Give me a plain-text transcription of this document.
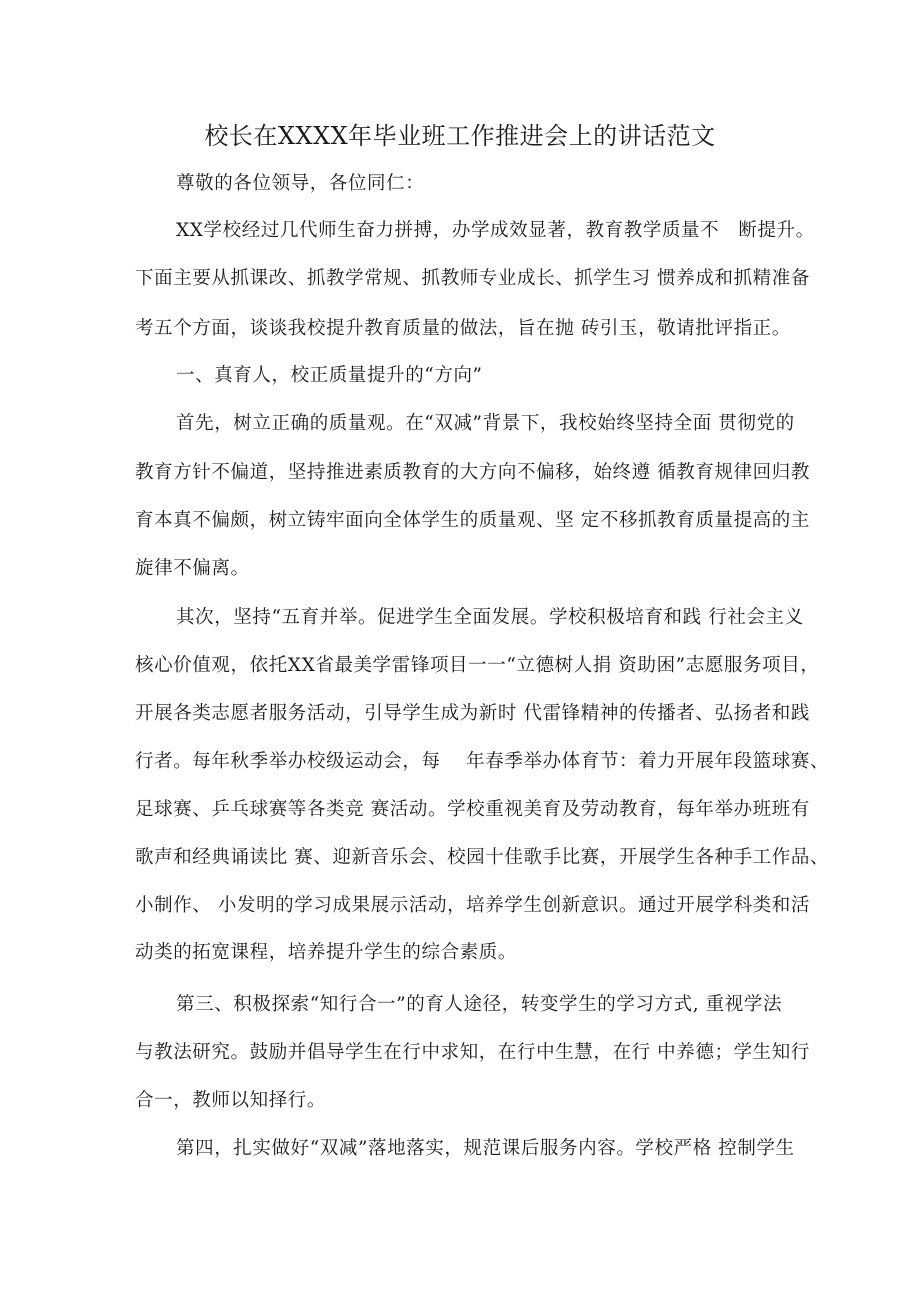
校长在XXXX年毕业班工作推进会上的讲话范文
尊敬的各位领导，各位同仁：
XX学校经过几代师生奋力拼搏，办学成效显著，教育教学质量不　断提升。
下面主要从抓课改、抓教学常规、抓教师专业成长、抓学生习 惯养成和抓精准备
考五个方面，谈谈我校提升教育质量的做法，旨在抛 砖引玉，敬请批评指正。
一、真育人，校正质量提升的“方向”
首先，树立正确的质量观。在“双减”背景下，我校始终坚持全面 贯彻党的
教育方针不偏道，坚持推进素质教育的大方向不偏移，始终遵 循教育规律回归教
育本真不偏颇，树立铸牢面向全体学生的质量观、坚 定不移抓教育质量提高的主
旋律不偏离。
其次，坚持“五育并举。促进学生全面发展。学校积极培育和践 行社会主义
核心价值观，依托XX省最美学雷锋项目一一“立德树人捐 资助困”志愿服务项目，
开展各类志愿者服务活动，引导学生成为新时 代雷锋精神的传播者、弘扬者和践
行者。每年秋季举办校级运动会，每　 年春季举办体育节：着力开展年段篮球赛、
足球赛、乒乓球赛等各类竞 赛活动。学校重视美育及劳动教育，每年举办班班有
歌声和经典诵读比 赛、迎新音乐会、校园十佳歌手比赛，开展学生各种手工作品、
小制作、 小发明的学习成果展示活动，培养学生创新意识。通过开展学科类和活
动类的拓宽课程，培养提升学生的综合素质。
第三、积极探索“知行合一”的育人途径，转变学生的学习方式, 重视学法
与教法研究。鼓励并倡导学生在行中求知，在行中生慧，在行 中养德；学生知行
合一，教师以知择行。
第四，扎实做好“双减”落地落实，规范课后服务内容。学校严格 控制学生
